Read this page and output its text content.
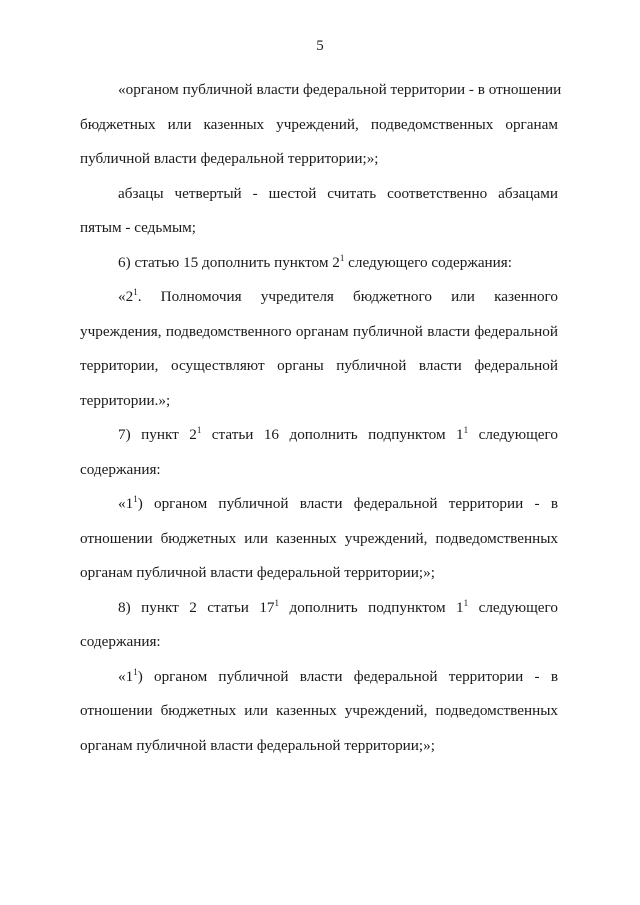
5

«органом публичной власти федеральной территории - в отношении
бюджетных или казенных учреждений, подведомственных органам
публичной власти федеральной территории;»;

абзацы четвертый - шестой считать соответственно абзацами
пятым - седьмым;

6) статью 15 дополнить пунктом $2^1$ следующего содержания:

«$2^1$. Полномочия учредителя бюджетного или казенного
учреждения, подведомственного органам публичной власти федеральной
территории, осуществляют органы публичной власти федеральной
территории.»;

7) пункт $2^1$ статьи 16 дополнить подпунктом $1^1$ следующего
содержания:

«$1^1$) органом публичной власти федеральной территории - в
отношении бюджетных или казенных учреждений, подведомственных
органам публичной власти федеральной территории;»;

8) пункт 2 статьи $17^1$ дополнить подпунктом $1^1$ следующего
содержания:

«$1^1$) органом публичной власти федеральной территории - в
отношении бюджетных или казенных учреждений, подведомственных
органам публичной власти федеральной территории;»;
